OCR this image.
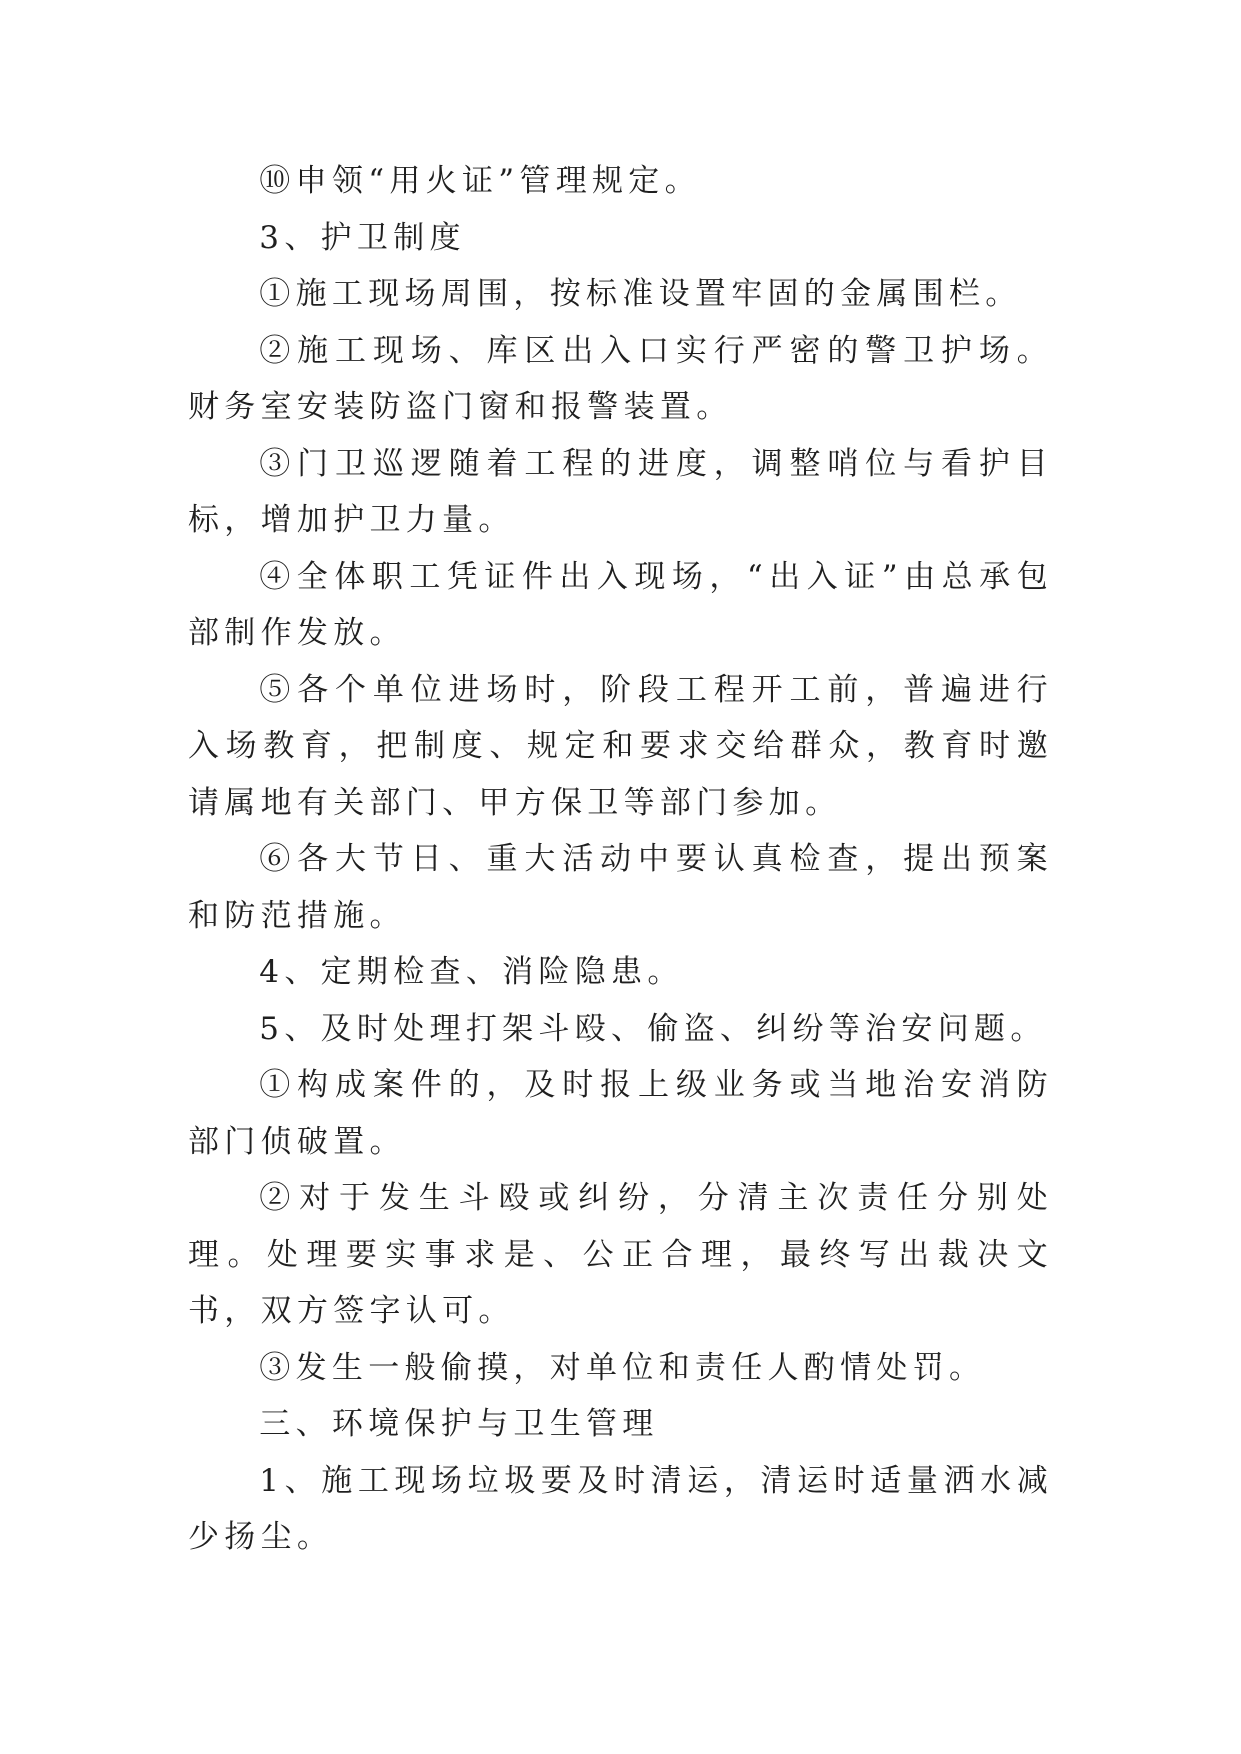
⑩申领“用火证”管理规定。

3、护卫制度

①施工现场周围，按标准设置牢固的金属围栏。

②施工现场、库区出入口实行严密的警卫护场。财务室安装防盗门窗和报警装置。

③门卫巡逻随着工程的进度，调整哨位与看护目标，增加护卫力量。

④全体职工凭证件出入现场，“出入证”由总承包部制作发放。

⑤各个单位进场时，阶段工程开工前，普遍进行入场教育，把制度、规定和要求交给群众，教育时邀请属地有关部门、甲方保卫等部门参加。

⑥各大节日、重大活动中要认真检查，提出预案和防范措施。

4、定期检查、消险隐患。

5、及时处理打架斗殴、偷盗、纠纷等治安问题。

①构成案件的，及时报上级业务或当地治安消防部门侦破置。

②对于发生斗殴或纠纷，分清主次责任分别处理。处理要实事求是、公正合理，最终写出裁决文书，双方签字认可。

③发生一般偷摸，对单位和责任人酌情处罚。

三、环境保护与卫生管理

1、施工现场垃圾要及时清运，清运时适量洒水减少扬尘。
